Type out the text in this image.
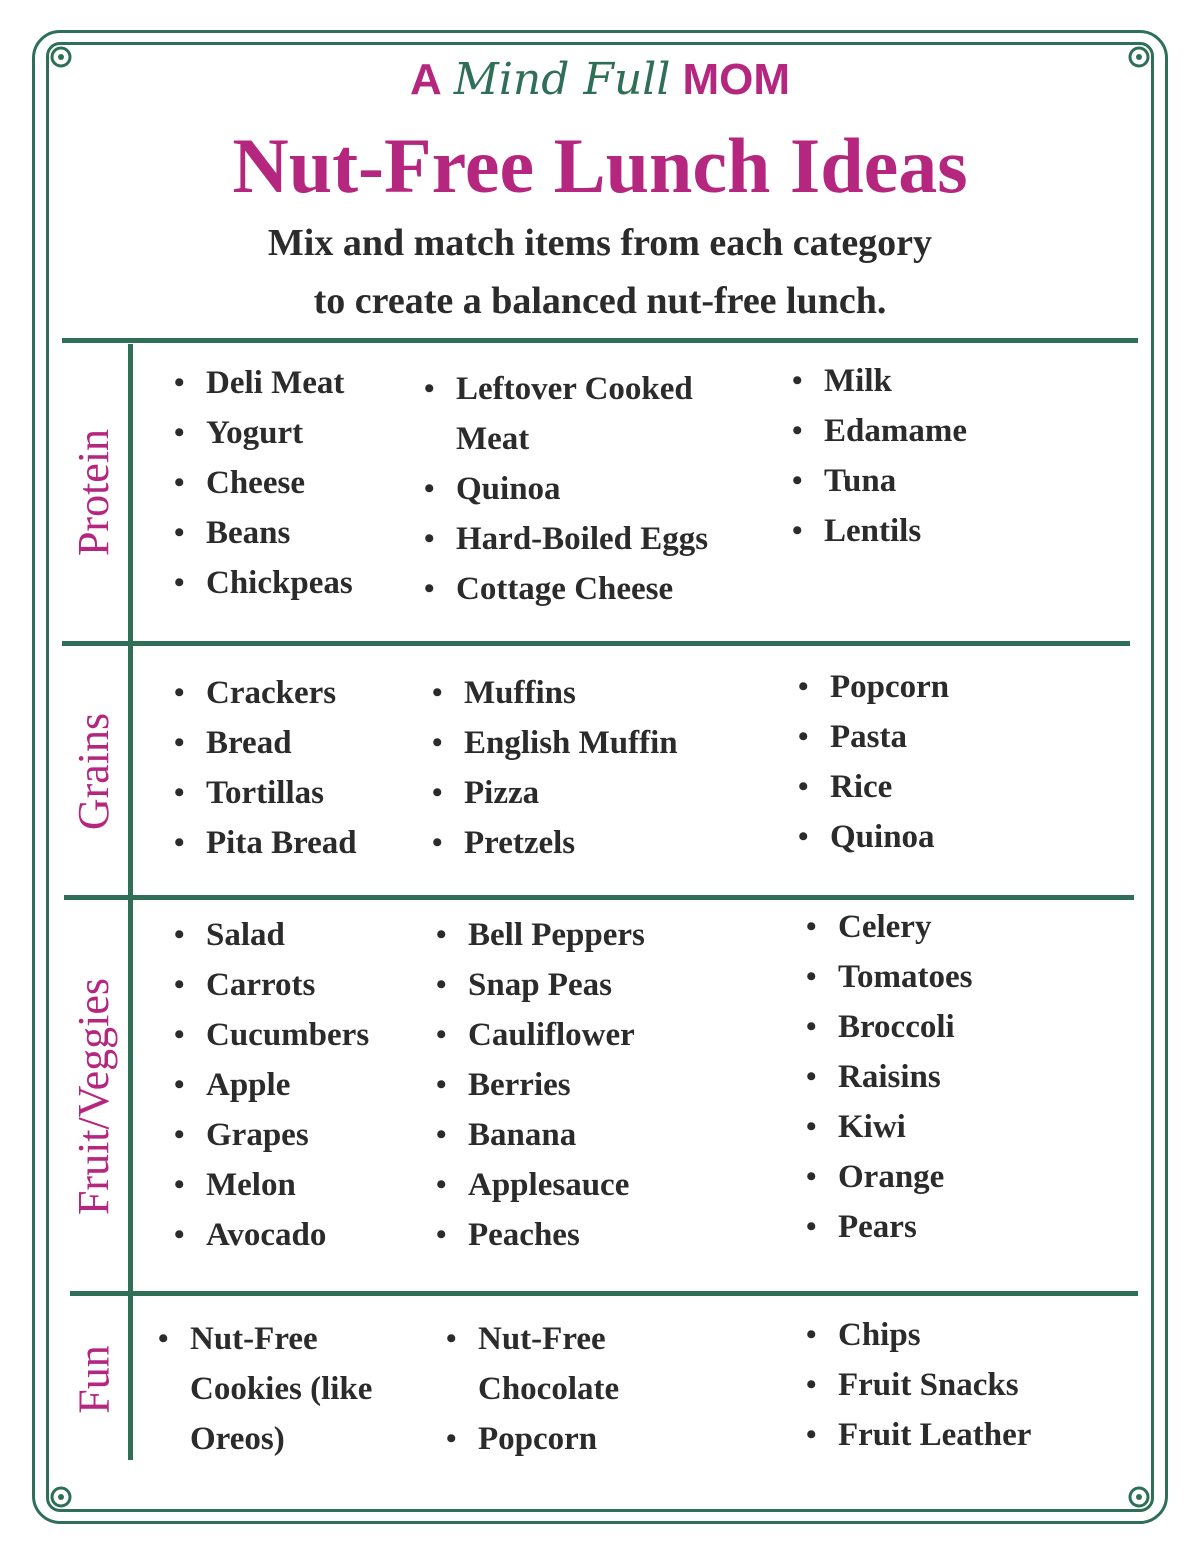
A Mind Full MOM
Nut-Free Lunch Ideas
Mix and match items from each category
to create a balanced nut-free lunch.
Protein
• Deli Meat
• Yogurt
• Cheese
• Beans
• Chickpeas
• Leftover Cooked Meat
• Quinoa
• Hard-Boiled Eggs
• Cottage Cheese
• Milk
• Edamame
• Tuna
• Lentils
Grains
• Crackers
• Bread
• Tortillas
• Pita Bread
• Muffins
• English Muffin
• Pizza
• Pretzels
• Popcorn
• Pasta
• Rice
• Quinoa
Fruit/Veggies
• Salad
• Carrots
• Cucumbers
• Apple
• Grapes
• Melon
• Avocado
• Bell Peppers
• Snap Peas
• Cauliflower
• Berries
• Banana
• Applesauce
• Peaches
• Celery
• Tomatoes
• Broccoli
• Raisins
• Kiwi
• Orange
• Pears
Fun
• Nut-Free Cookies (like Oreos)
• Nut-Free Chocolate
• Popcorn
• Chips
• Fruit Snacks
• Fruit Leather
